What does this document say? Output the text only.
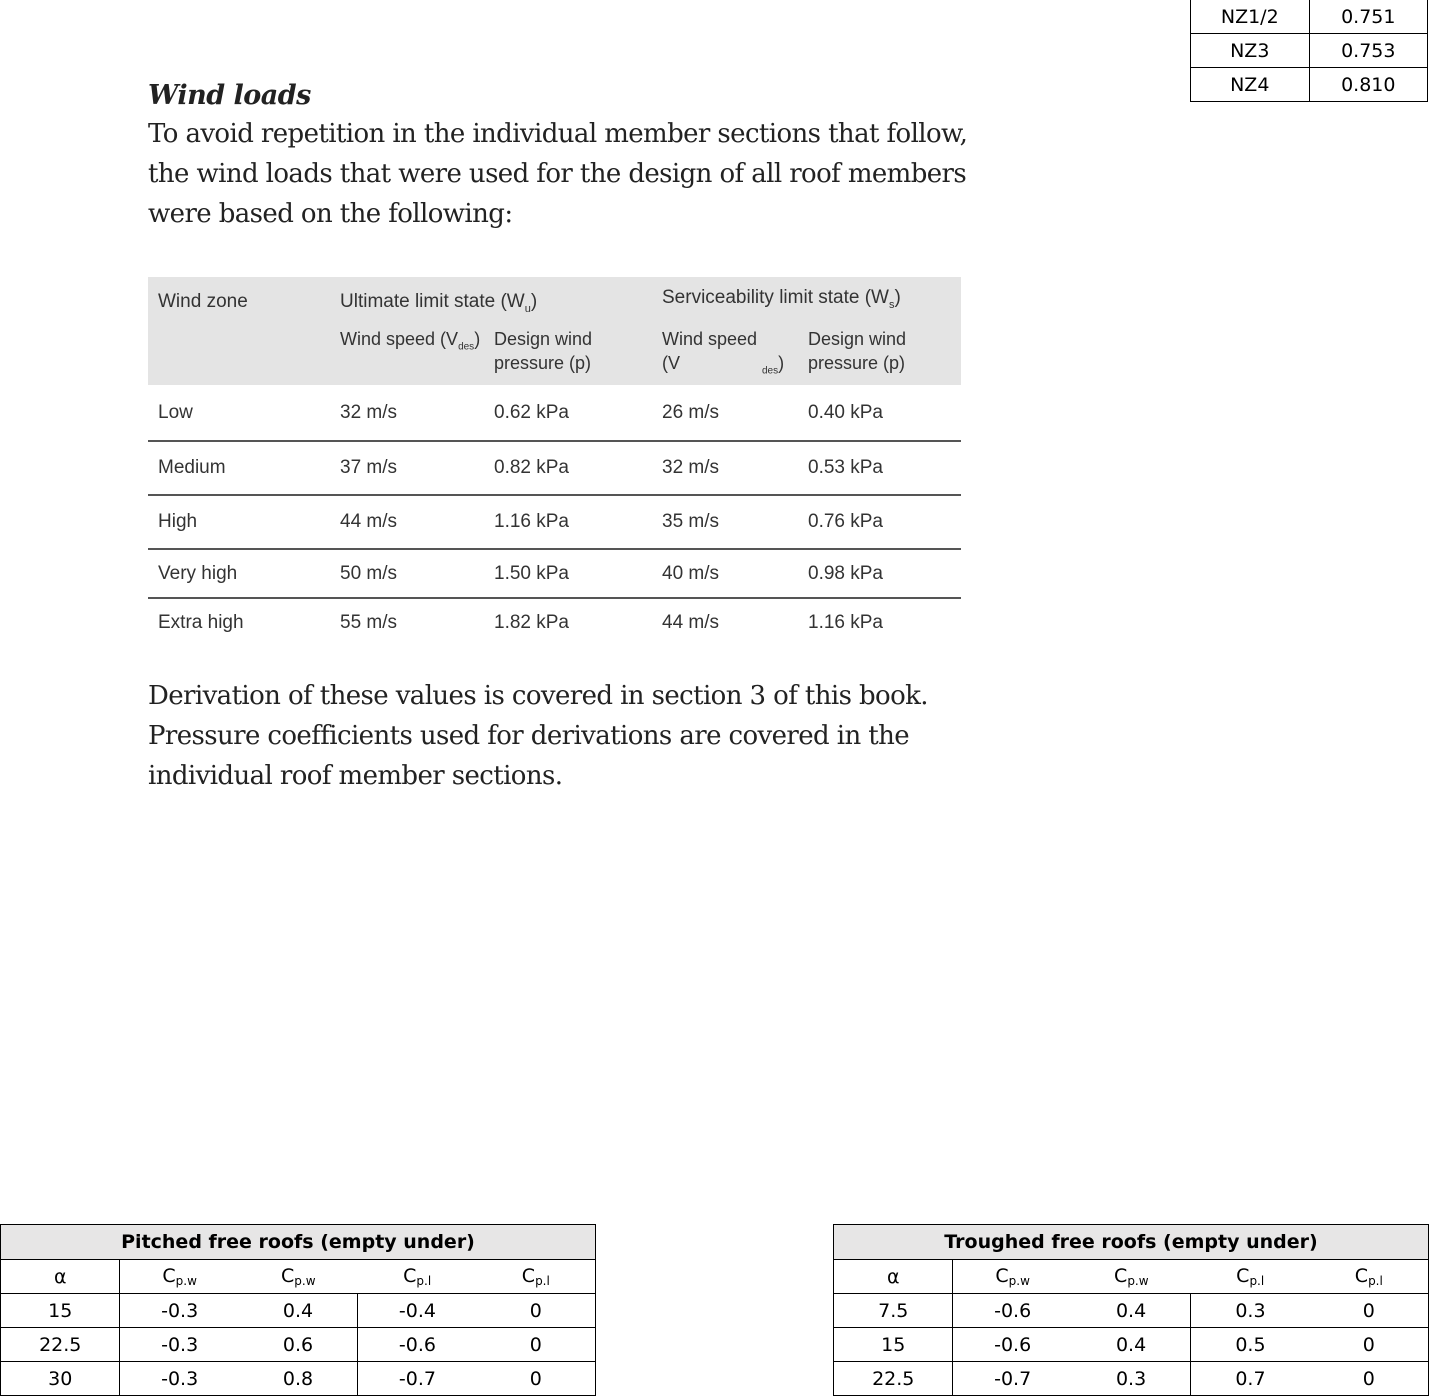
NZ1/2	0.751
NZ3	0.753
NZ4	0.810
Wind loads

To avoid repetition in the individual member sections that follow, the wind loads that were used for the design of all roof members were based on the following:

Wind zone	Ultimate limit state $(W_u)$		Serviceability limit state $(W_s)$	
	Wind speed $(V_{des})$	Design wind pressure (p)	Wind speed (V $_{des}$)	Design wind pressure (p)
Low	32 m/s	0.62 kPa	26 m/s	0.40 kPa
Medium	37 m/s	0.82 kPa	32 m/s	0.53 kPa
High	44 m/s	1.16 kPa	35 m/s	0.76 kPa
Very high	50 m/s	1.50 kPa	40 m/s	0.98 kPa
Extra high	55 m/s	1.82 kPa	44 m/s	1.16 kPa

Derivation of these values is covered in section 3 of this book. Pressure coefficients used for derivations are covered in the individual roof member sections.

Pitched free roofs (empty under)				
α	$C_{p.w}$	$C_{p.w}$	$C_{p.l}$	$C_{p.l}$
15	-0.3	0.4	-0.4	0
22.5	-0.3	0.6	-0.6	0
30	-0.3	0.8	-0.7	0
Troughed free roofs (empty under)				
α	$C_{p.w}$	$C_{p.w}$	$C_{p.l}$	$C_{p.l}$
7.5	-0.6	0.4	0.3	0
15	-0.6	0.4	0.5	0
22.5	-0.7	0.3	0.7	0
